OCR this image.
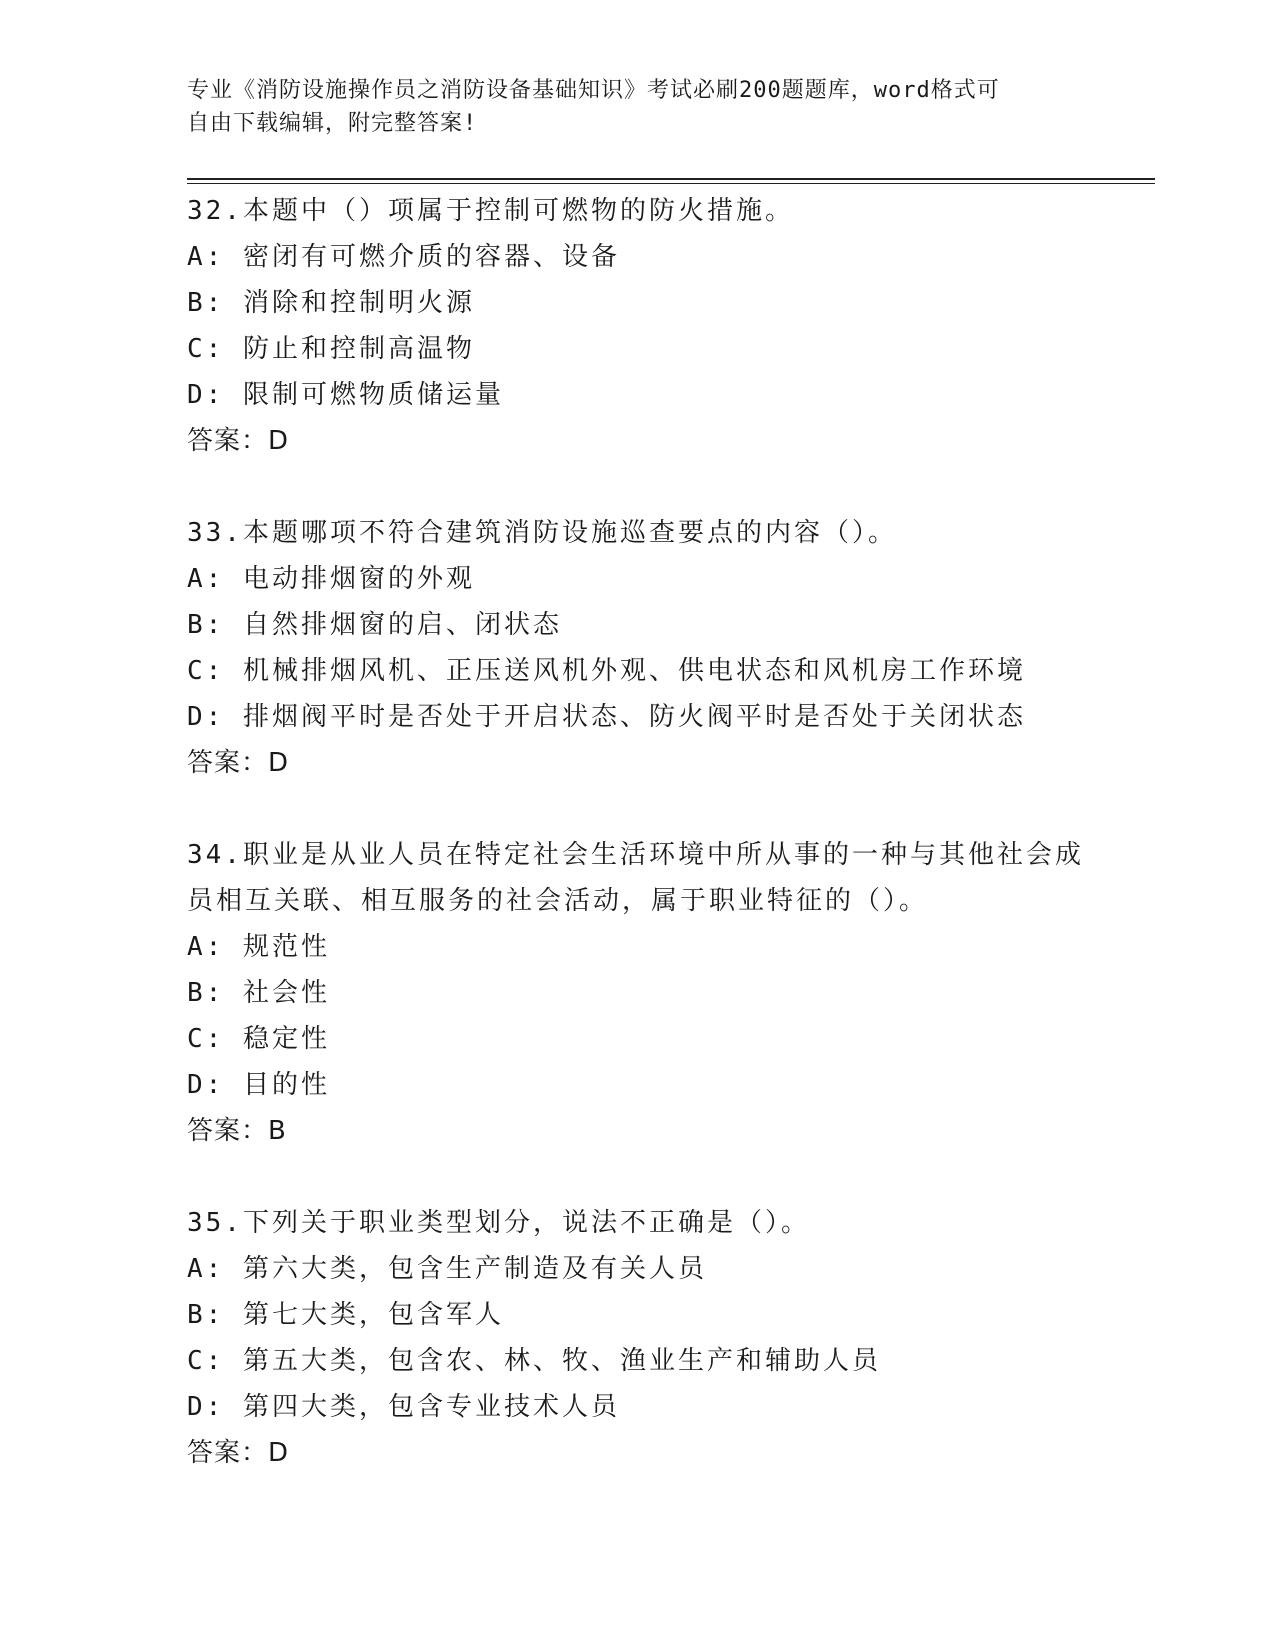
专业《消防设施操作员之消防设备基础知识》考试必刷200题题库，word格式可
自由下载编辑，附完整答案!
32.本题中（）项属于控制可燃物的防火措施。
A: 密闭有可燃介质的容器、设备
B: 消除和控制明火源
C: 防止和控制高温物
D: 限制可燃物质储运量
答案：D
33.本题哪项不符合建筑消防设施巡查要点的内容（）。
A: 电动排烟窗的外观
B: 自然排烟窗的启、闭状态
C: 机械排烟风机、正压送风机外观、供电状态和风机房工作环境
D: 排烟阀平时是否处于开启状态、防火阀平时是否处于关闭状态
答案：D
34.职业是从业人员在特定社会生活环境中所从事的一种与其他社会成
员相互关联、相互服务的社会活动，属于职业特征的（）。
A: 规范性
B: 社会性
C: 稳定性
D: 目的性
答案：B
35.下列关于职业类型划分，说法不正确是（）。
A: 第六大类，包含生产制造及有关人员
B: 第七大类，包含军人
C: 第五大类，包含农、林、牧、渔业生产和辅助人员
D: 第四大类，包含专业技术人员
答案：D
